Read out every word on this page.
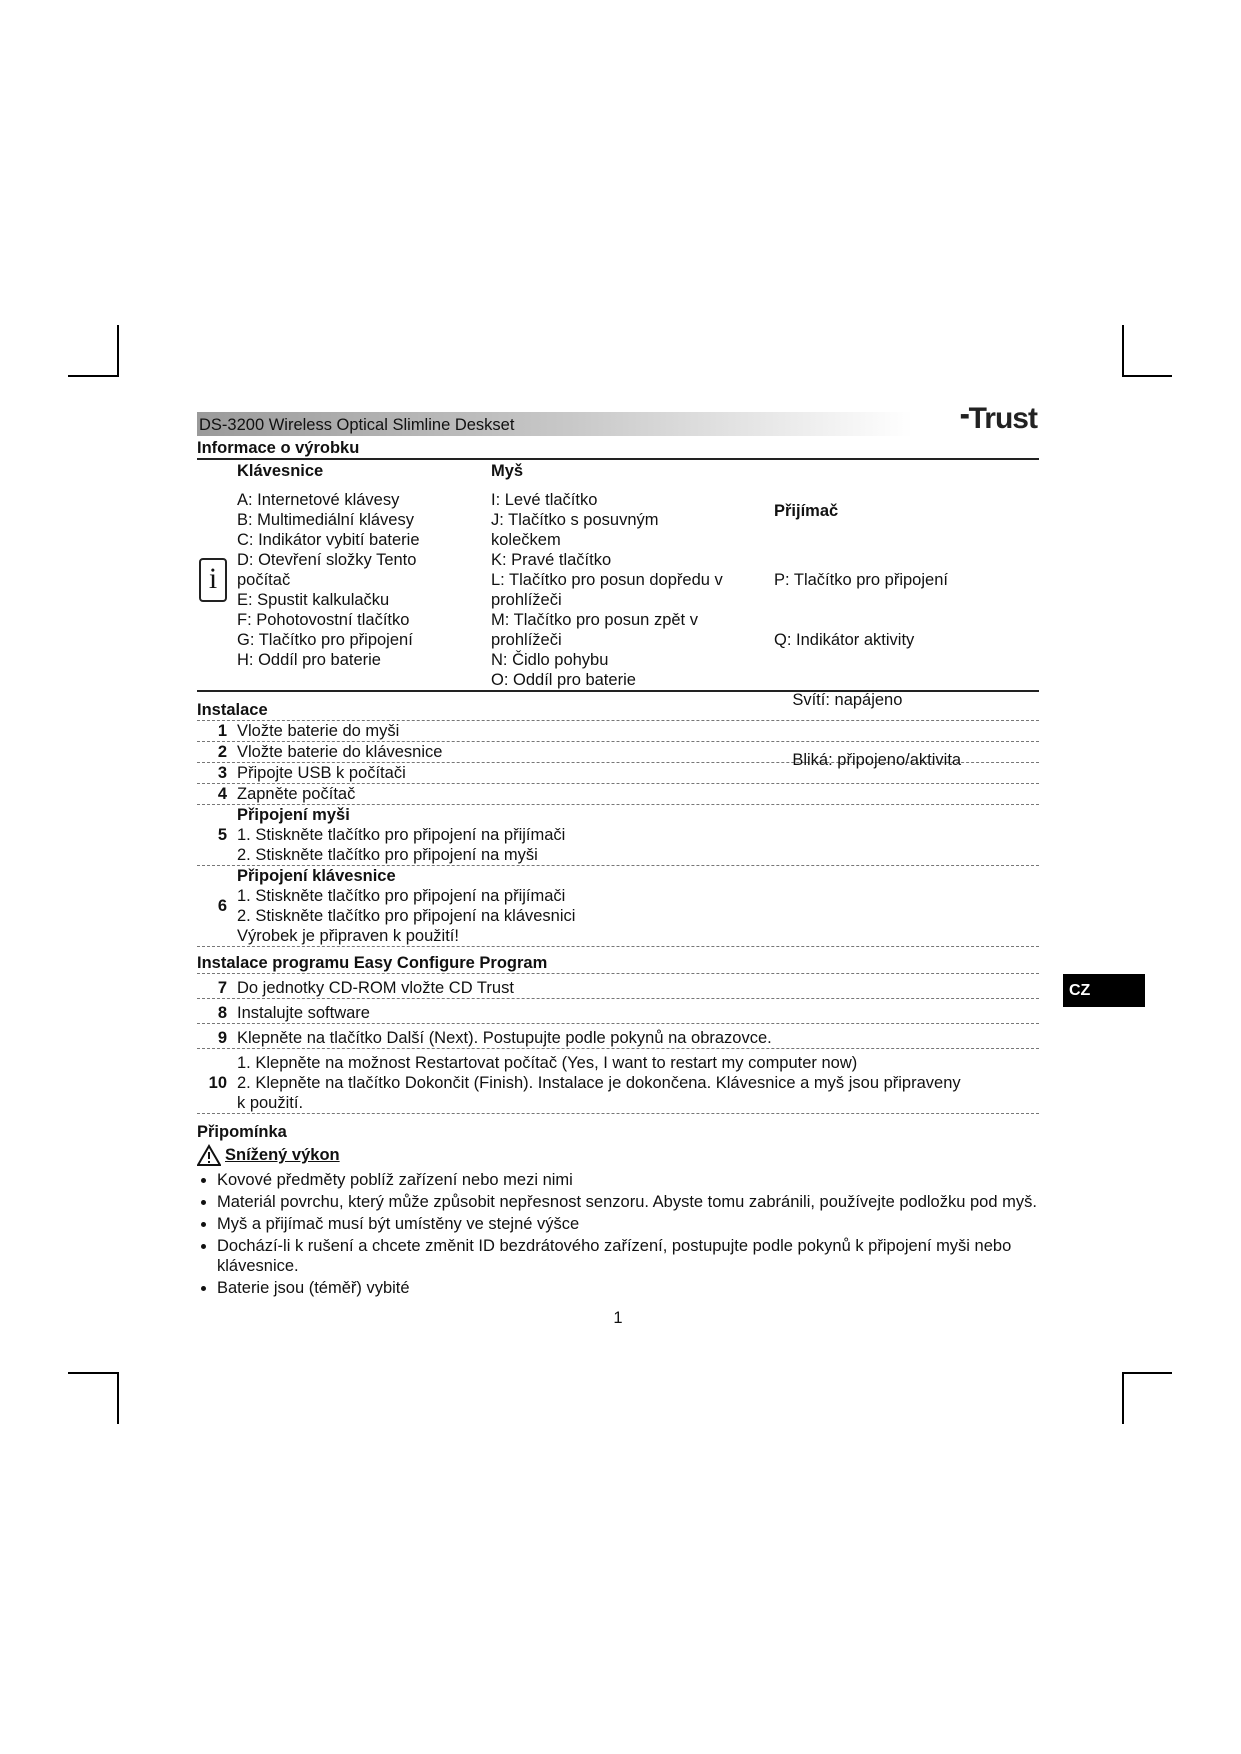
CZ
DS-3200 Wireless Optical Slimline Deskset	▪▪Trust
Informace o výrobku
i
Klávesnice
A: Internetové klávesy
B: Multimediální klávesy
C: Indikátor vybití baterie
D: Otevření složky Tento
počítač
E: Spustit kalkulačku
F: Pohotovostní tlačítko
G: Tlačítko pro připojení
H: Oddíl pro baterie
Myš
I: Levé tlačítko
J: Tlačítko s posuvným
kolečkem
K: Pravé tlačítko
L: Tlačítko pro posun dopředu v
prohlížeči
M: Tlačítko pro posun zpět v
prohlížeči
N: Čidlo pohybu
O: Oddíl pro baterie

Přijímač

P: Tlačítko pro připojení

Q: Indikátor aktivity

Svítí: napájeno

Bliká: připojeno/aktivita

Instalace
1 Vložte baterie do myši
2 Vložte baterie do klávesnice
3 Připojte USB k počítači
4 Zapněte počítač
5
Připojení myši
1. Stiskněte tlačítko pro připojení na přijímači
2. Stiskněte tlačítko pro připojení na myši
6
Připojení klávesnice
1. Stiskněte tlačítko pro připojení na přijímači
2. Stiskněte tlačítko pro připojení na klávesnici
Výrobek je připraven k použití!
Instalace programu Easy Configure Program
7 Do jednotky CD-ROM vložte CD Trust
8 Instalujte software
9 Klepněte na tlačítko Další (Next). Postupujte podle pokynů na obrazovce.
10
1. Klepněte na možnost Restartovat počítač (Yes, I want to restart my computer now)
2. Klepněte na tlačítko Dokončit (Finish). Instalace je dokončena. Klávesnice a myš jsou připraveny
k použití.
Připomínka
Snížený výkon
• Kovové předměty poblíž zařízení nebo mezi nimi
• Materiál povrchu, který může způsobit nepřesnost senzoru. Abyste tomu zabránili, používejte podložku pod myš.
• Myš a přijímač musí být umístěny ve stejné výšce
• Dochází-li k rušení a chcete změnit ID bezdrátového zařízení, postupujte podle pokynů k připojení myši nebo klávesnice.
• Baterie jsou (téměř) vybité
1
